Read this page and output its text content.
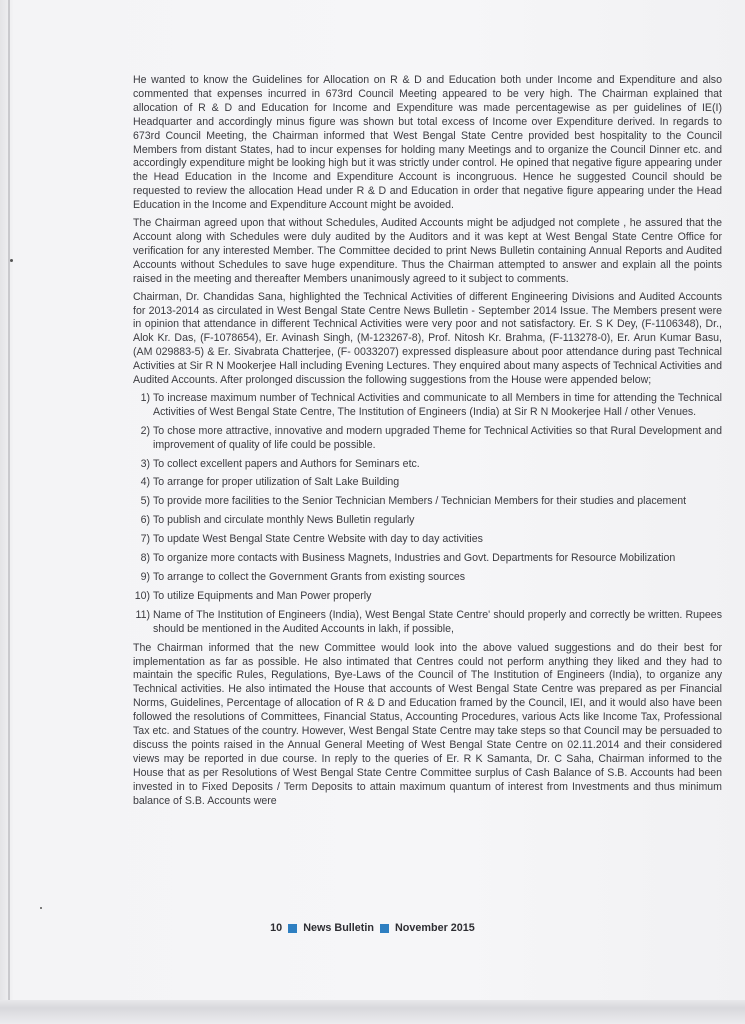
He wanted to know the Guidelines for Allocation on R & D and Education both under Income and Expenditure and also commented that expenses incurred in 673rd Council Meeting appeared to be very high. The Chairman explained that allocation of R & D and Education for Income and Expenditure was made percentagewise as per guidelines of IE(I) Headquarter and accordingly minus figure was shown but total excess of Income over Expenditure derived. In regards to 673rd Council Meeting, the Chairman informed that West Bengal State Centre provided best hospitality to the Council Members from distant States, had to incur expenses for holding many Meetings and to organize the Council Dinner etc. and accordingly expenditure might be looking high but it was strictly under control. He opined that negative figure appearing under the Head Education in the Income and Expenditure Account is incongruous. Hence he suggested Council should be requested to review the allocation Head under R & D and Education in order that negative figure appearing under the Head Education in the Income and Expenditure Account might be avoided.

The Chairman agreed upon that without Schedules, Audited Accounts might be adjudged not complete , he assured that the Account along with Schedules were duly audited by the Auditors and it was kept at West Bengal State Centre Office for verification for any interested Member. The Committee decided to print News Bulletin containing Annual Reports and Audited Accounts without Schedules to save huge expenditure. Thus the Chairman attempted to answer and explain all the points raised in the meeting and thereafter Members unanimously agreed to it subject to comments.

Chairman, Dr. Chandidas Sana, highlighted the Technical Activities of different Engineering Divisions and Audited Accounts for 2013-2014 as circulated in West Bengal State Centre News Bulletin - September 2014 Issue. The Members present were in opinion that attendance in different Technical Activities were very poor and not satisfactory. Er. S K Dey, (F-1106348), Dr., Alok Kr. Das, (F-1078654), Er. Avinash Singh, (M-123267-8), Prof. Nitosh Kr. Brahma, (F-113278-0), Er. Arun Kumar Basu, (AM 029883-5) & Er. Sivabrata Chatterjee, (F- 0033207) expressed displeasure about poor attendance during past Technical Activities at Sir R N Mookerjee Hall including Evening Lectures. They enquired about many aspects of Technical Activities and Audited Accounts. After prolonged discussion the following suggestions from the House were appended below;

1) To increase maximum number of Technical Activities and communicate to all Members in time for attending the Technical Activities of West Bengal State Centre, The Institution of Engineers (India) at Sir R N Mookerjee Hall / other Venues.
2) To chose more attractive, innovative and modern upgraded Theme for Technical Activities so that Rural Development and improvement of quality of life could be possible.
3) To collect excellent papers and Authors for Seminars etc.
4) To arrange for proper utilization of Salt Lake Building
5) To provide more facilities to the Senior Technician Members / Technician Members for their studies and placement
6) To publish and circulate monthly News Bulletin regularly
7) To update West Bengal State Centre Website with day to day activities
8) To organize more contacts with Business Magnets, Industries and Govt. Departments for Resource Mobilization
9) To arrange to collect the Government Grants from existing sources
10) To utilize Equipments and Man Power properly
11) Name of The Institution of Engineers (India), West Bengal State Centre' should properly and correctly be written. Rupees should be mentioned in the Audited Accounts in lakh, if possible,

The Chairman informed that the new Committee would look into the above valued suggestions and do their best for implementation as far as possible. He also intimated that Centres could not perform anything they liked and they had to maintain the specific Rules, Regulations, Bye-Laws of the Council of The Institution of Engineers (India), to organize any Technical activities. He also intimated the House that accounts of West Bengal State Centre was prepared as per Financial Norms, Guidelines, Percentage of allocation of R & D and Education framed by the Council, IEI, and it would also have been followed the resolutions of Committees, Financial Status, Accounting Procedures, various Acts like Income Tax, Professional Tax etc. and Statues of the country. However, West Bengal State Centre may take steps so that Council may be persuaded to discuss the points raised in the Annual General Meeting of West Bengal State Centre on 02.11.2014 and their considered views may be reported in due course. In reply to the queries of Er. R K Samanta, Dr. C Saha, Chairman informed to the House that as per Resolutions of West Bengal State Centre Committee surplus of Cash Balance of S.B. Accounts had been invested in to Fixed Deposits / Term Deposits to attain maximum quantum of interest from Investments and thus minimum balance of S.B. Accounts were

10 News Bulletin November 2015
